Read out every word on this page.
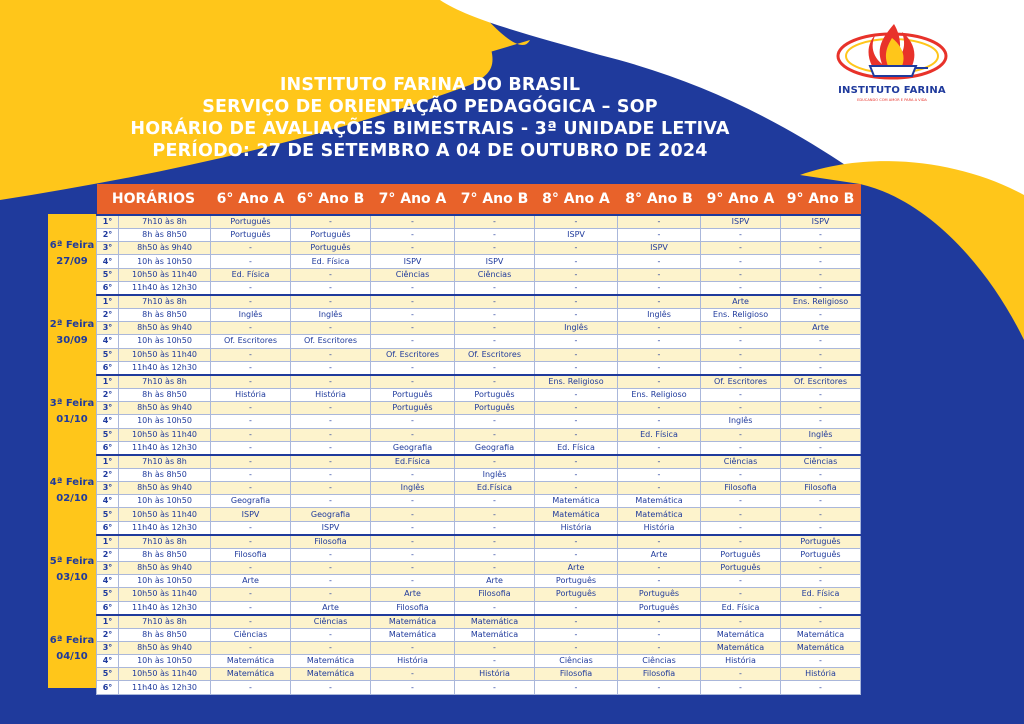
INSTITUTO FARINA
EDUCANDO COM AMOR E PARA A VIDA
INSTITUTO FARINA DO BRASIL
SERVIÇO DE ORIENTAÇÃO PEDAGÓGICA – SOP
HORÁRIO DE AVALIAÇÕES BIMESTRAIS - 3ª UNIDADE LETIVA
PERÍODO: 27 DE SETEMBRO A 04 DE OUTUBRO DE 2024
6ª Feira
27/09
2ª Feira
30/09
3ª Feira
01/10
4ª Feira
02/10
5ª Feira
03/10
6ª Feira
04/10
HORÁRIOS		6° Ano A	6° Ano B	7° Ano A	7° Ano B	8° Ano A	8° Ano B	9° Ano A	9° Ano B
1°	7h10 às 8h	Português	-	-	-	-	-	ISPV	ISPV
2°	8h às 8h50	Português	Português	-	-	ISPV	-	-	-
3°	8h50 às 9h40	-	Português	-	-	-	ISPV	-	-
4°	10h às 10h50	-	Ed. Física	ISPV	ISPV	-	-	-	-
5°	10h50 às 11h40	Ed. Física	-	Ciências	Ciências	-	-	-	-
6°	11h40 às 12h30	-	-	-	-	-	-	-	-
1°	7h10 às 8h	-	-	-	-	-	-	Arte	Ens. Religioso
2°	8h às 8h50	Inglês	Inglês	-	-	-	Inglês	Ens. Religioso	-
3°	8h50 às 9h40	-	-	-	-	Inglês	-	-	Arte
4°	10h às 10h50	Of. Escritores	Of. Escritores	-	-	-	-	-	-
5°	10h50 às 11h40	-	-	Of. Escritores	Of. Escritores	-	-	-	-
6°	11h40 às 12h30	-	-	-	-	-	-	-	-
1°	7h10 às 8h	-	-	-	-	Ens. Religioso	-	Of. Escritores	Of. Escritores
2°	8h às 8h50	História	História	Português	Português	-	Ens. Religioso	-	-
3°	8h50 às 9h40	-	-	Português	Português	-	-	-	-
4°	10h às 10h50	-	-	-	-	-	-	Inglês	-
5°	10h50 às 11h40	-	-	-	-	-	Ed. Física	-	Inglês
6°	11h40 às 12h30	-	-	Geografia	Geografia	Ed. Física	-	-	-
1°	7h10 às 8h	-	-	Ed.Física	-	-	-	Ciências	Ciências
2°	8h às 8h50	-	-	-	Inglês	-	-	-	-
3°	8h50 às 9h40	-	-	Inglês	Ed.Física	-	-	Filosofia	Filosofia
4°	10h às 10h50	Geografia	-	-	-	Matemática	Matemática	-	-
5°	10h50 às 11h40	ISPV	Geografia	-	-	Matemática	Matemática	-	-
6°	11h40 às 12h30	-	ISPV	-	-	História	História	-	-
1°	7h10 às 8h	-	Filosofia	-	-	-	-	-	Português
2°	8h às 8h50	Filosofia	-	-	-	-	Arte	Português	Português
3°	8h50 às 9h40	-	-	-	-	Arte	-	Português	-
4°	10h às 10h50	Arte	-	-	Arte	Português	-	-	-
5°	10h50 às 11h40	-	-	Arte	Filosofia	Português	Português	-	Ed. Física
6°	11h40 às 12h30	-	Arte	Filosofia	-	-	Português	Ed. Física	-
1°	7h10 às 8h	-	Ciências	Matemática	Matemática	-	-	-	-
2°	8h às 8h50	Ciências	-	Matemática	Matemática	-	-	Matemática	Matemática
3°	8h50 às 9h40	-	-	-	-	-	-	Matemática	Matemática
4°	10h às 10h50	Matemática	Matemática	História	-	Ciências	Ciências	História	-
5°	10h50 às 11h40	Matemática	Matemática	-	História	Filosofia	Filosofia	-	História
6°	11h40 às 12h30	-	-	-	-	-	-	-	-
